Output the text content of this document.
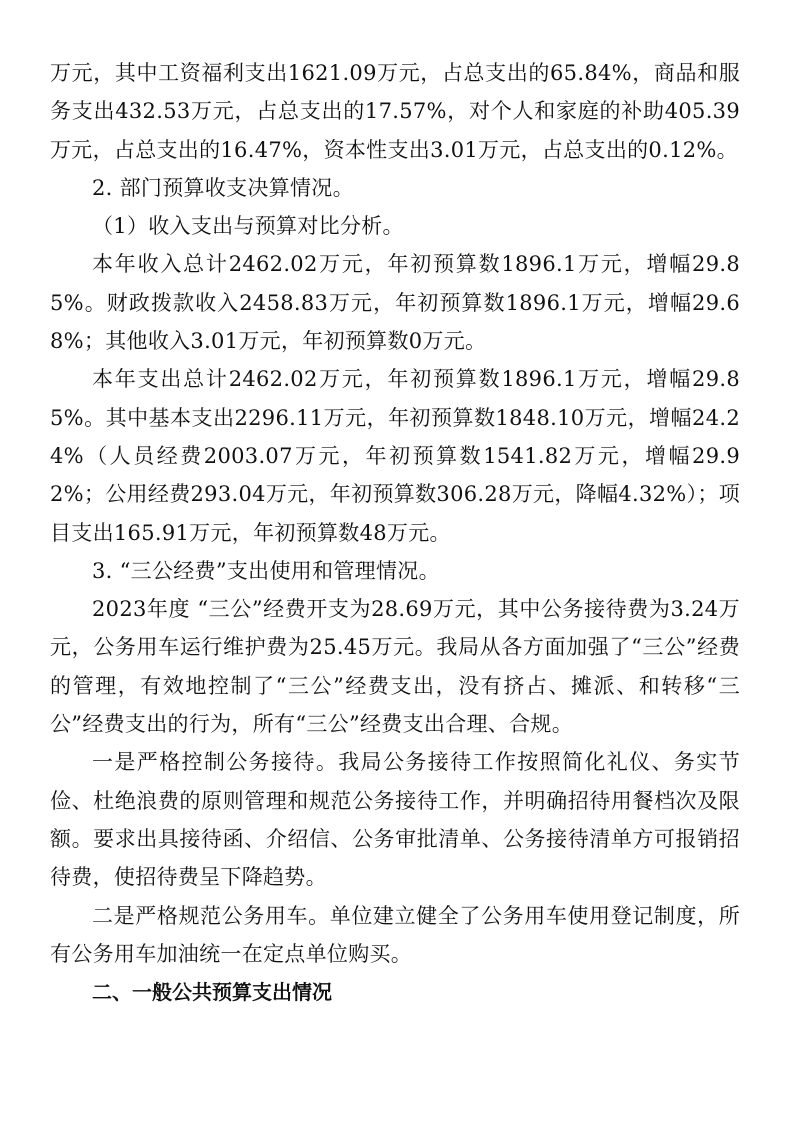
万元，其中工资福利支出1621.09万元，占总支出的65.84%，商品和服务支出432.53万元，占总支出的17.57%，对个人和家庭的补助405.39万元，占总支出的16.47%，资本性支出3.01万元，占总支出的0.12%。

2. 部门预算收支决算情况。

（1）收入支出与预算对比分析。

本年收入总计2462.02万元，年初预算数1896.1万元，增幅29.85%。财政拨款收入2458.83万元，年初预算数1896.1万元，增幅29.68%；其他收入3.01万元，年初预算数0万元。

本年支出总计2462.02万元，年初预算数1896.1万元，增幅29.85%。其中基本支出2296.11万元，年初预算数1848.10万元，增幅24.24%（人员经费2003.07万元，年初预算数1541.82万元，增幅29.92%；公用经费293.04万元，年初预算数306.28万元，降幅4.32%）；项目支出165.91万元，年初预算数48万元。

3. “三公经费”支出使用和管理情况。

2023年度 “三公”经费开支为28.69万元，其中公务接待费为3.24万元，公务用车运行维护费为25.45万元。我局从各方面加强了“三公”经费的管理，有效地控制了“三公”经费支出，没有挤占、摊派、和转移“三公”经费支出的行为，所有“三公”经费支出合理、合规。

一是严格控制公务接待。我局公务接待工作按照简化礼仪、务实节俭、杜绝浪费的原则管理和规范公务接待工作，并明确招待用餐档次及限额。要求出具接待函、介绍信、公务审批清单、公务接待清单方可报销招待费，使招待费呈下降趋势。

二是严格规范公务用车。单位建立健全了公务用车使用登记制度，所有公务用车加油统一在定点单位购买。

二、一般公共预算支出情况
